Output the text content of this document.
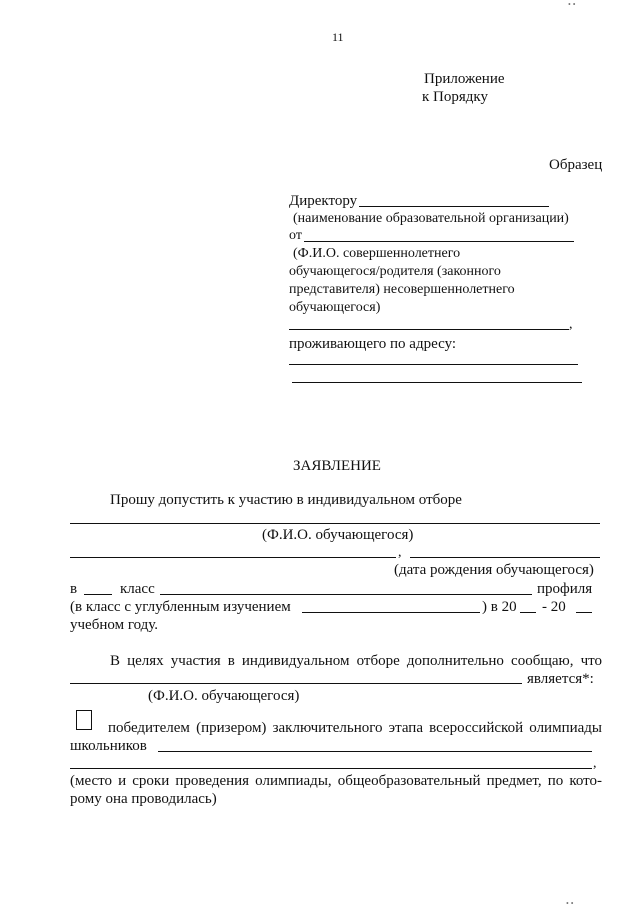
11
• •
Приложение
к Порядку
Образец
Директору
(наименование образовательной организации)
от
(Ф.И.О. совершеннолетнего
обучающегося/родителя (законного
представителя) несовершеннолетнего
обучающегося)
,
проживающего по адресу:
ЗАЯВЛЕНИЕ
Прошу допустить к участию в индивидуальном отборе
(Ф.И.О. обучающегося)
,
(дата рождения обучающегося)
в	класс	профиля
(в класс с углубленным изучением	) в 20 - 20
учебном году.
В целях участия в индивидуальном отборе дополнительно сообщаю, что
является*:
(Ф.И.О. обучающегося)
победителем (призером) заключительного этапа всероссийской олимпиады
школьников
,
(место и сроки проведения олимпиады, общеобразовательный предмет, по кото-
рому она проводилась)
• •
